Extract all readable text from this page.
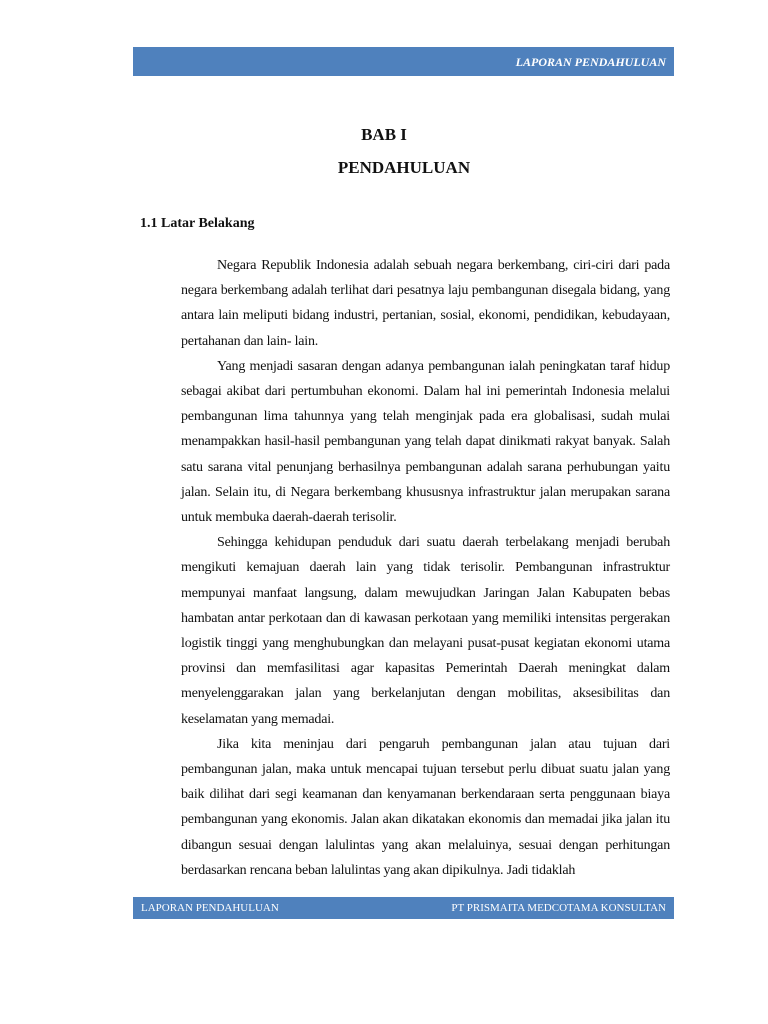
LAPORAN PENDAHULUAN
BAB I
PENDAHULUAN
1.1 Latar Belakang

Negara Republik Indonesia adalah sebuah negara berkembang, ciri-ciri dari pada negara berkembang adalah terlihat dari pesatnya laju pembangunan disegala bidang, yang antara lain meliputi bidang industri, pertanian, sosial, ekonomi, pendidikan, kebudayaan, pertahanan dan lain- lain.

Yang menjadi sasaran dengan adanya pembangunan ialah peningkatan taraf hidup sebagai akibat dari pertumbuhan ekonomi. Dalam hal ini pemerintah Indonesia melalui pembangunan lima tahunnya yang telah menginjak pada era globalisasi, sudah mulai menampakkan hasil-hasil pembangunan yang telah dapat dinikmati rakyat banyak. Salah satu sarana vital penunjang berhasilnya pembangunan adalah sarana perhubungan yaitu jalan. Selain itu, di Negara berkembang khususnya infrastruktur jalan merupakan sarana untuk membuka daerah-daerah terisolir.

Sehingga kehidupan penduduk dari suatu daerah terbelakang menjadi berubah mengikuti kemajuan daerah lain yang tidak terisolir. Pembangunan infrastruktur mempunyai manfaat langsung, dalam mewujudkan Jaringan Jalan Kabupaten bebas hambatan antar perkotaan dan di kawasan perkotaan yang memiliki intensitas pergerakan logistik tinggi yang menghubungkan dan melayani pusat-pusat kegiatan ekonomi utama provinsi dan memfasilitasi agar kapasitas Pemerintah Daerah meningkat dalam menyelenggarakan jalan yang berkelanjutan dengan mobilitas, aksesibilitas dan keselamatan yang memadai.

Jika kita meninjau dari pengaruh pembangunan jalan atau tujuan dari pembangunan jalan, maka untuk mencapai tujuan tersebut perlu dibuat suatu jalan yang baik dilihat dari segi keamanan dan kenyamanan berkendaraan serta penggunaan biaya pembangunan yang ekonomis. Jalan akan dikatakan ekonomis dan memadai jika jalan itu dibangun sesuai dengan lalulintas yang akan melaluinya, sesuai dengan perhitungan berdasarkan rencana beban lalulintas yang akan dipikulnya. Jadi tidaklah

LAPORAN PENDAHULUAN	PT PRISMAITA MEDCOTAMA KONSULTAN
